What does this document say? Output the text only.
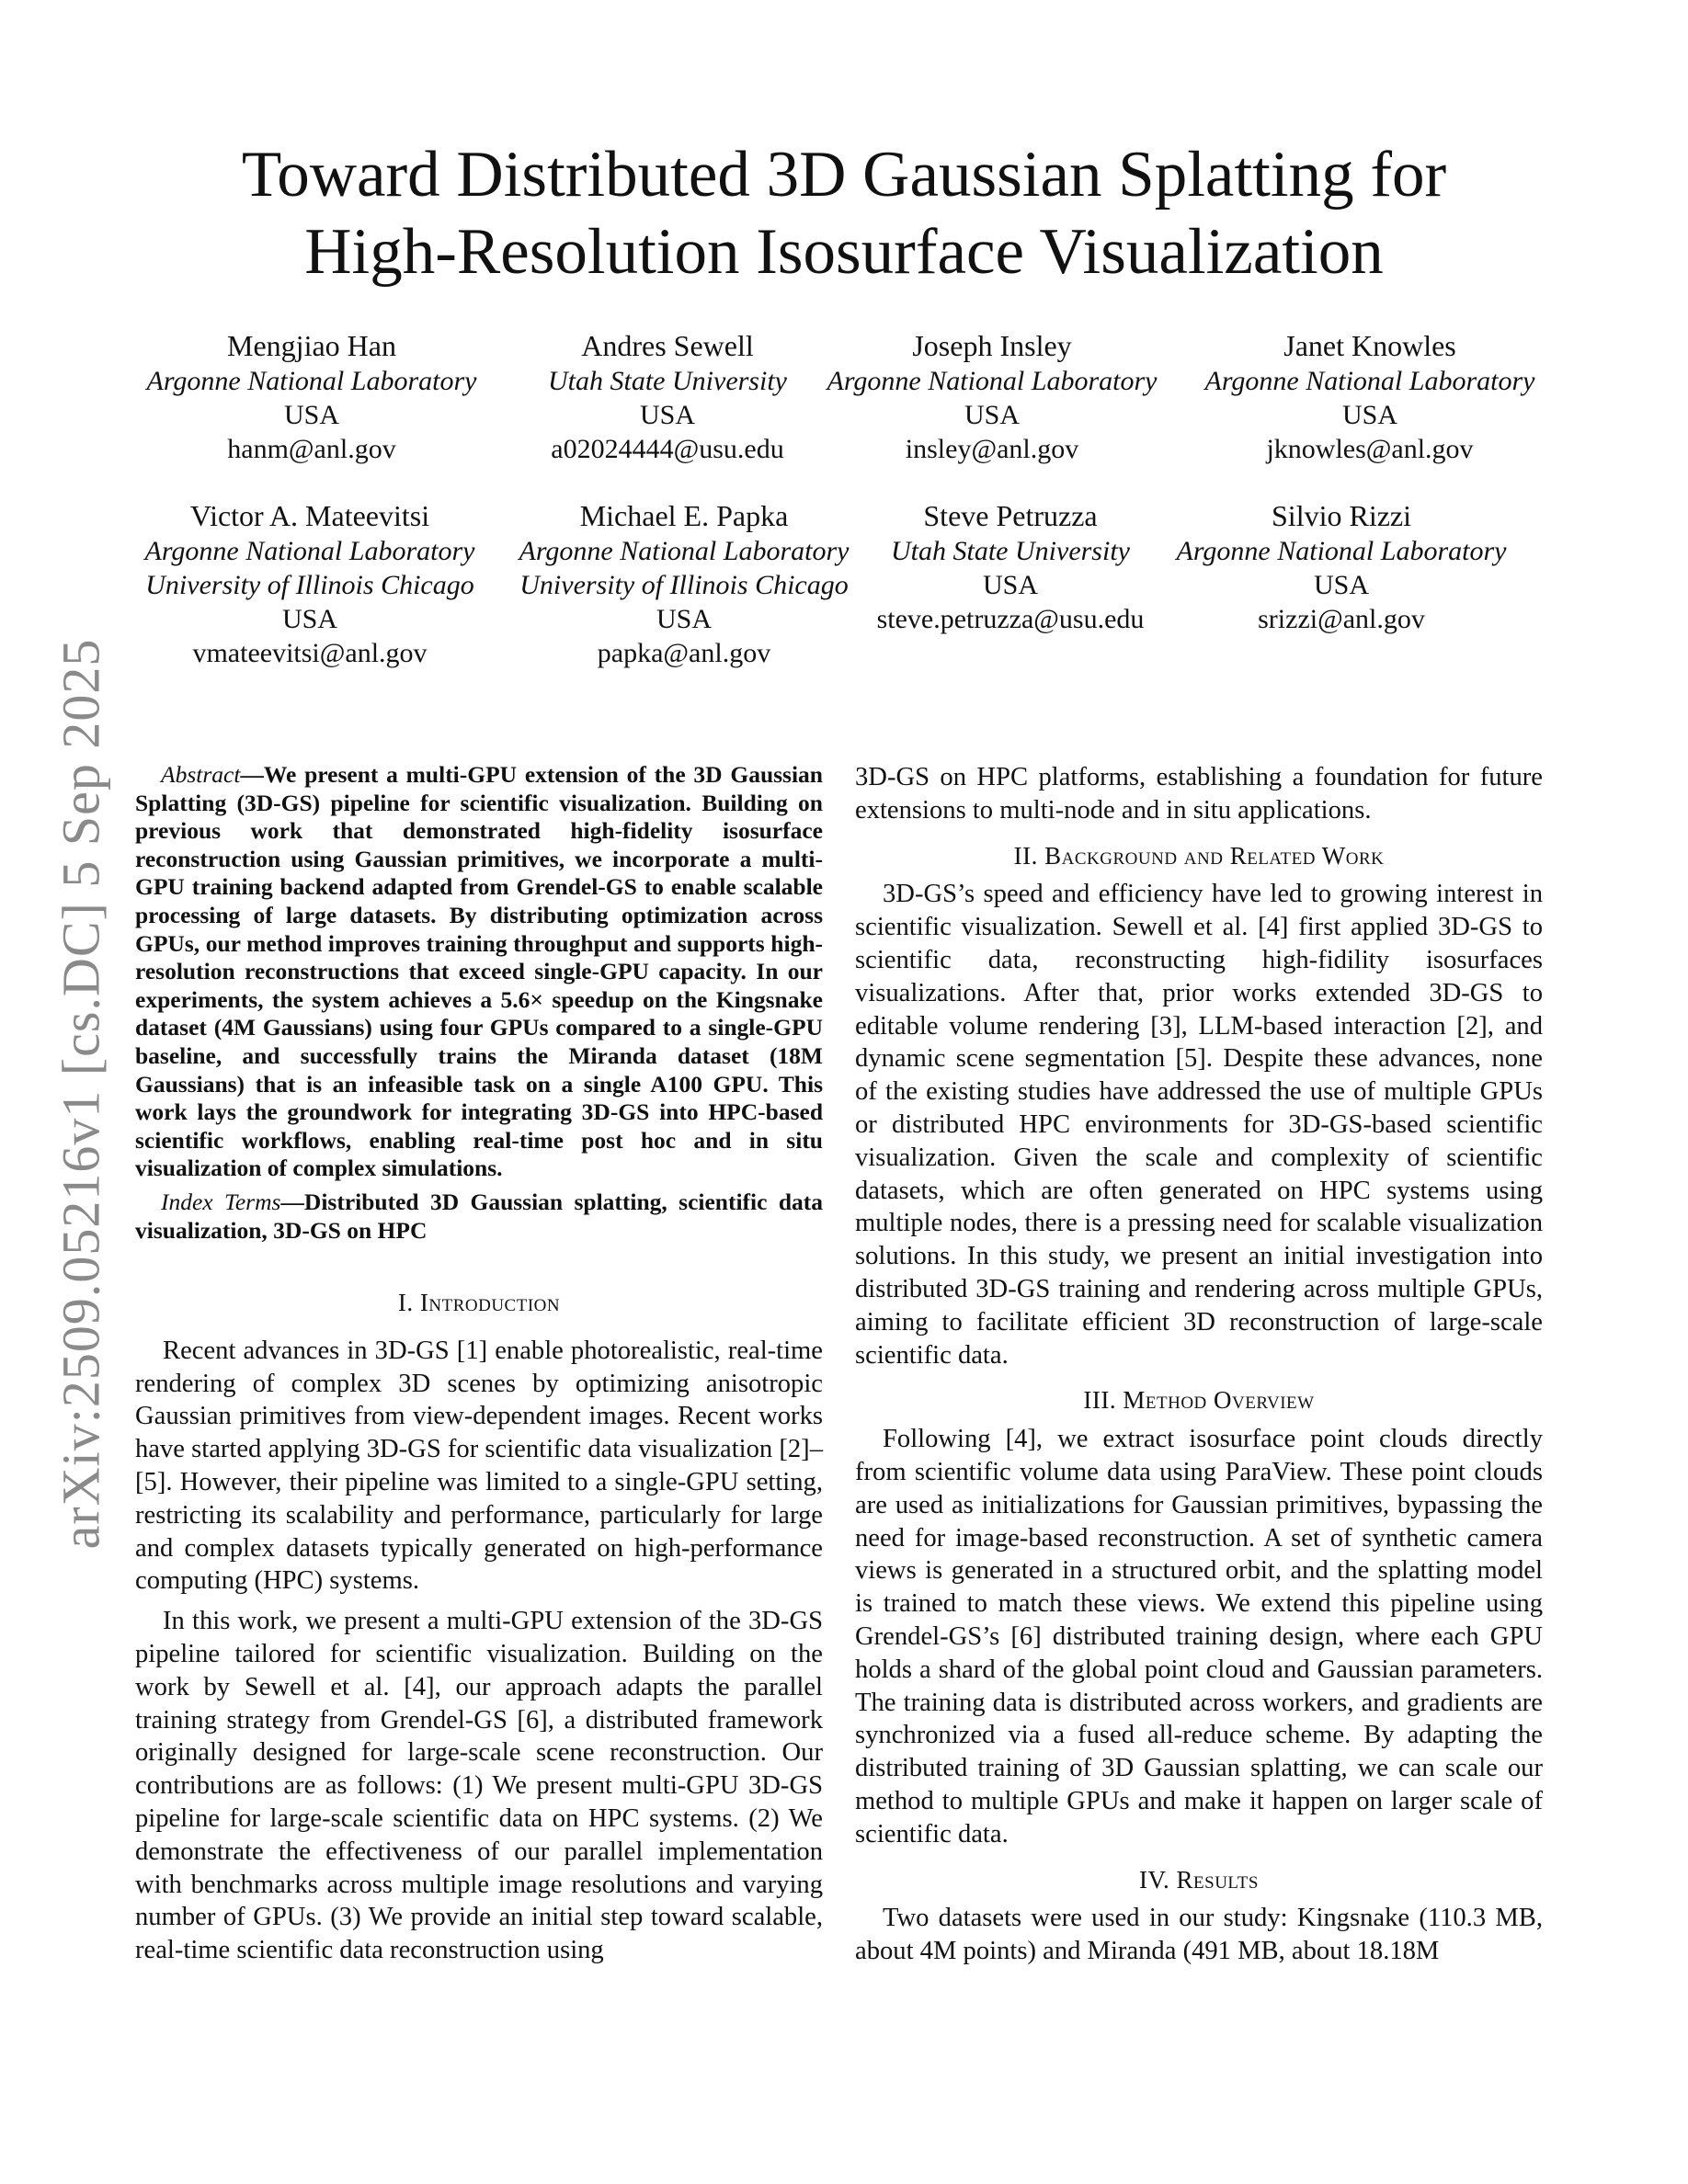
arXiv:2509.05216v1 [cs.DC] 5 Sep 2025
Toward Distributed 3D Gaussian Splatting for
High-Resolution Isosurface Visualization
Mengjiao Han
Argonne National Laboratory
USA
hanm@anl.gov
Andres Sewell
Utah State University
USA
a02024444@usu.edu
Joseph Insley
Argonne National Laboratory
USA
insley@anl.gov
Janet Knowles
Argonne National Laboratory
USA
jknowles@anl.gov
Victor A. Mateevitsi
Argonne National Laboratory
University of Illinois Chicago
USA
vmateevitsi@anl.gov
Michael E. Papka
Argonne National Laboratory
University of Illinois Chicago
USA
papka@anl.gov
Steve Petruzza
Utah State University
USA
steve.petruzza@usu.edu
Silvio Rizzi
Argonne National Laboratory
USA
srizzi@anl.gov

Abstract—We present a multi-GPU extension of the 3D Gaussian Splatting (3D-GS) pipeline for scientific visualization. Building on previous work that demonstrated high-fidelity isosurface reconstruction using Gaussian primitives, we incorporate a multi-GPU training backend adapted from Grendel-GS to enable scalable processing of large datasets. By distributing optimization across GPUs, our method improves training throughput and supports high-resolution reconstructions that exceed single-GPU capacity. In our experiments, the system achieves a 5.6× speedup on the Kingsnake dataset (4M Gaussians) using four GPUs compared to a single-GPU baseline, and successfully trains the Miranda dataset (18M Gaussians) that is an infeasible task on a single A100 GPU. This work lays the groundwork for integrating 3D-GS into HPC-based scientific workflows, enabling real-time post hoc and in situ visualization of complex simulations.

Index Terms—Distributed 3D Gaussian splatting, scientific data visualization, 3D-GS on HPC

I. Introduction

Recent advances in 3D-GS [1] enable photorealistic, real-time rendering of complex 3D scenes by optimizing anisotropic Gaussian primitives from view-dependent images. Recent works have started applying 3D-GS for scientific data visualization [2]–[5]. However, their pipeline was limited to a single-GPU setting, restricting its scalability and performance, particularly for large and complex datasets typically generated on high-performance computing (HPC) systems.

In this work, we present a multi-GPU extension of the 3D-GS pipeline tailored for scientific visualization. Building on the work by Sewell et al. [4], our approach adapts the parallel training strategy from Grendel-GS [6], a distributed framework originally designed for large-scale scene reconstruction. Our contributions are as follows: (1) We present multi-GPU 3D-GS pipeline for large-scale scientific data on HPC systems. (2) We demonstrate the effectiveness of our parallel implementation with benchmarks across multiple image resolutions and varying number of GPUs. (3) We provide an initial step toward scalable, real-time scientific data reconstruction using

3D-GS on HPC platforms, establishing a foundation for future extensions to multi-node and in situ applications.

II. Background and Related Work

3D-GS’s speed and efficiency have led to growing interest in scientific visualization. Sewell et al. [4] first applied 3D-GS to scientific data, reconstructing high-fidility isosurfaces visualizations. After that, prior works extended 3D-GS to editable volume rendering [3], LLM-based interaction [2], and dynamic scene segmentation [5]. Despite these advances, none of the existing studies have addressed the use of multiple GPUs or distributed HPC environments for 3D-GS-based scientific visualization. Given the scale and complexity of scientific datasets, which are often generated on HPC systems using multiple nodes, there is a pressing need for scalable visualization solutions. In this study, we present an initial investigation into distributed 3D-GS training and rendering across multiple GPUs, aiming to facilitate efficient 3D reconstruction of large-scale scientific data.

III. Method Overview

Following [4], we extract isosurface point clouds directly from scientific volume data using ParaView. These point clouds are used as initializations for Gaussian primitives, bypassing the need for image-based reconstruction. A set of synthetic camera views is generated in a structured orbit, and the splatting model is trained to match these views. We extend this pipeline using Grendel-GS’s [6] distributed training design, where each GPU holds a shard of the global point cloud and Gaussian parameters. The training data is distributed across workers, and gradients are synchronized via a fused all-reduce scheme. By adapting the distributed training of 3D Gaussian splatting, we can scale our method to multiple GPUs and make it happen on larger scale of scientific data.

IV. Results

Two datasets were used in our study: Kingsnake (110.3 MB, about 4M points) and Miranda (491 MB, about 18.18M
